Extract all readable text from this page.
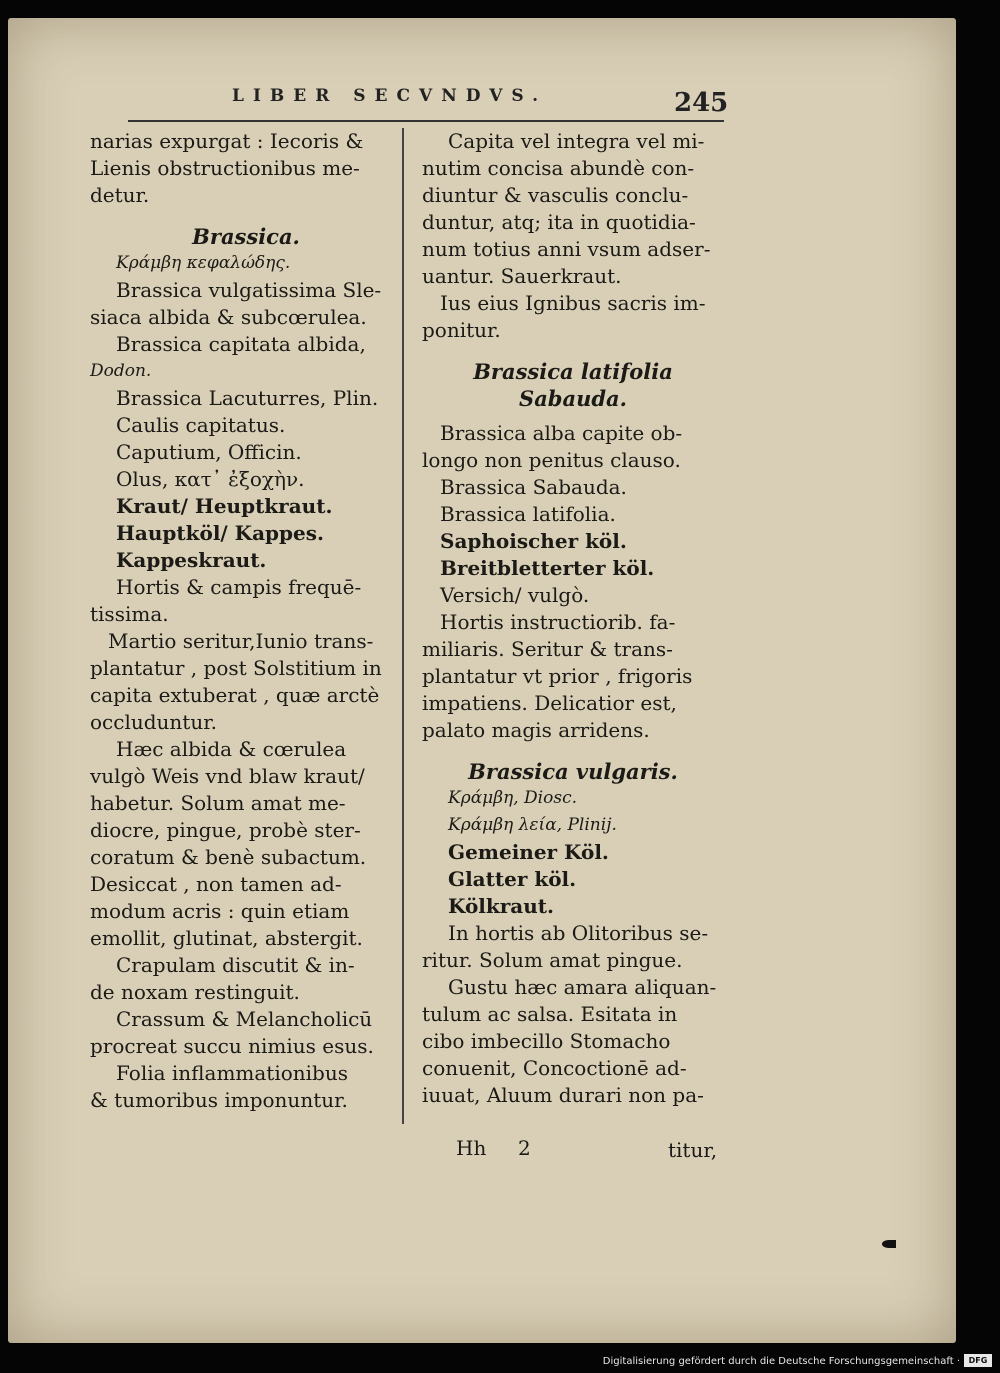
LIBER SECVNDVS.	245
narias expurgat : Iecoris &
Lienis obstructionibus me-
detur.
Brassica.
Κράμβη κεφαλώδης.
Brassica vulgatissima Sle-
siaca albida & subcœrulea.
Brassica capitata albida,
Dodon.
Brassica Lacuturres, Plin.
Caulis capitatus.
Caputium, Officin.
Olus, κατ᾽ ἐξοχὴν.
Kraut/ Heuptkraut.
Hauptköl/ Kappes.
Kappeskraut.
Hortis & campis frequē-
tissima.
Martio seritur,Iunio trans-
plantatur , post Solstitium in
capita extuberat , quæ arctè
occluduntur.
Hæc albida & cœrulea
vulgò Weis vnd blaw kraut/
habetur. Solum amat me-
diocre, pingue, probè ster-
coratum & benè subactum.
Desiccat , non tamen ad-
modum acris : quin etiam
emollit, glutinat, abstergit.
Crapulam discutit & in-
de noxam restinguit.
Crassum & Melancholicū
procreat succu nimius esus.
Folia inflammationibus
& tumoribus imponuntur.
Capita vel integra vel mi-
nutim concisa abundè con-
diuntur & vasculis conclu-
duntur, atq; ita in quotidia-
num totius anni vsum adser-
uantur. Sauerkraut.
Ius eius Ignibus sacris im-
ponitur.
Brassica latifolia
Sabauda.
Brassica alba capite ob-
longo non penitus clauso.
Brassica Sabauda.
Brassica latifolia.
Saphoischer köl.
Breitbletterter köl.
Versich/ vulgò.
Hortis instructiorib. fa-
miliaris. Seritur & trans-
plantatur vt prior , frigoris
impatiens. Delicatior est,
palato magis arridens.
Brassica vulgaris.
Κράμβη, Diosc.
Κράμβη λεία, Plinij.
Gemeiner Köl.
Glatter köl.
Kölkraut.
In hortis ab Olitoribus se-
ritur. Solum amat pingue.
Gustu hæc amara aliquan-
tulum ac salsa. Esitata in
cibo imbecillo Stomacho
conuenit, Concoctionē ad-
iuuat, Aluum durari non pa-
Hh 2	titur,
Digitalisierung gefördert durch die Deutsche Forschungsgemeinschaft ·	DFG
